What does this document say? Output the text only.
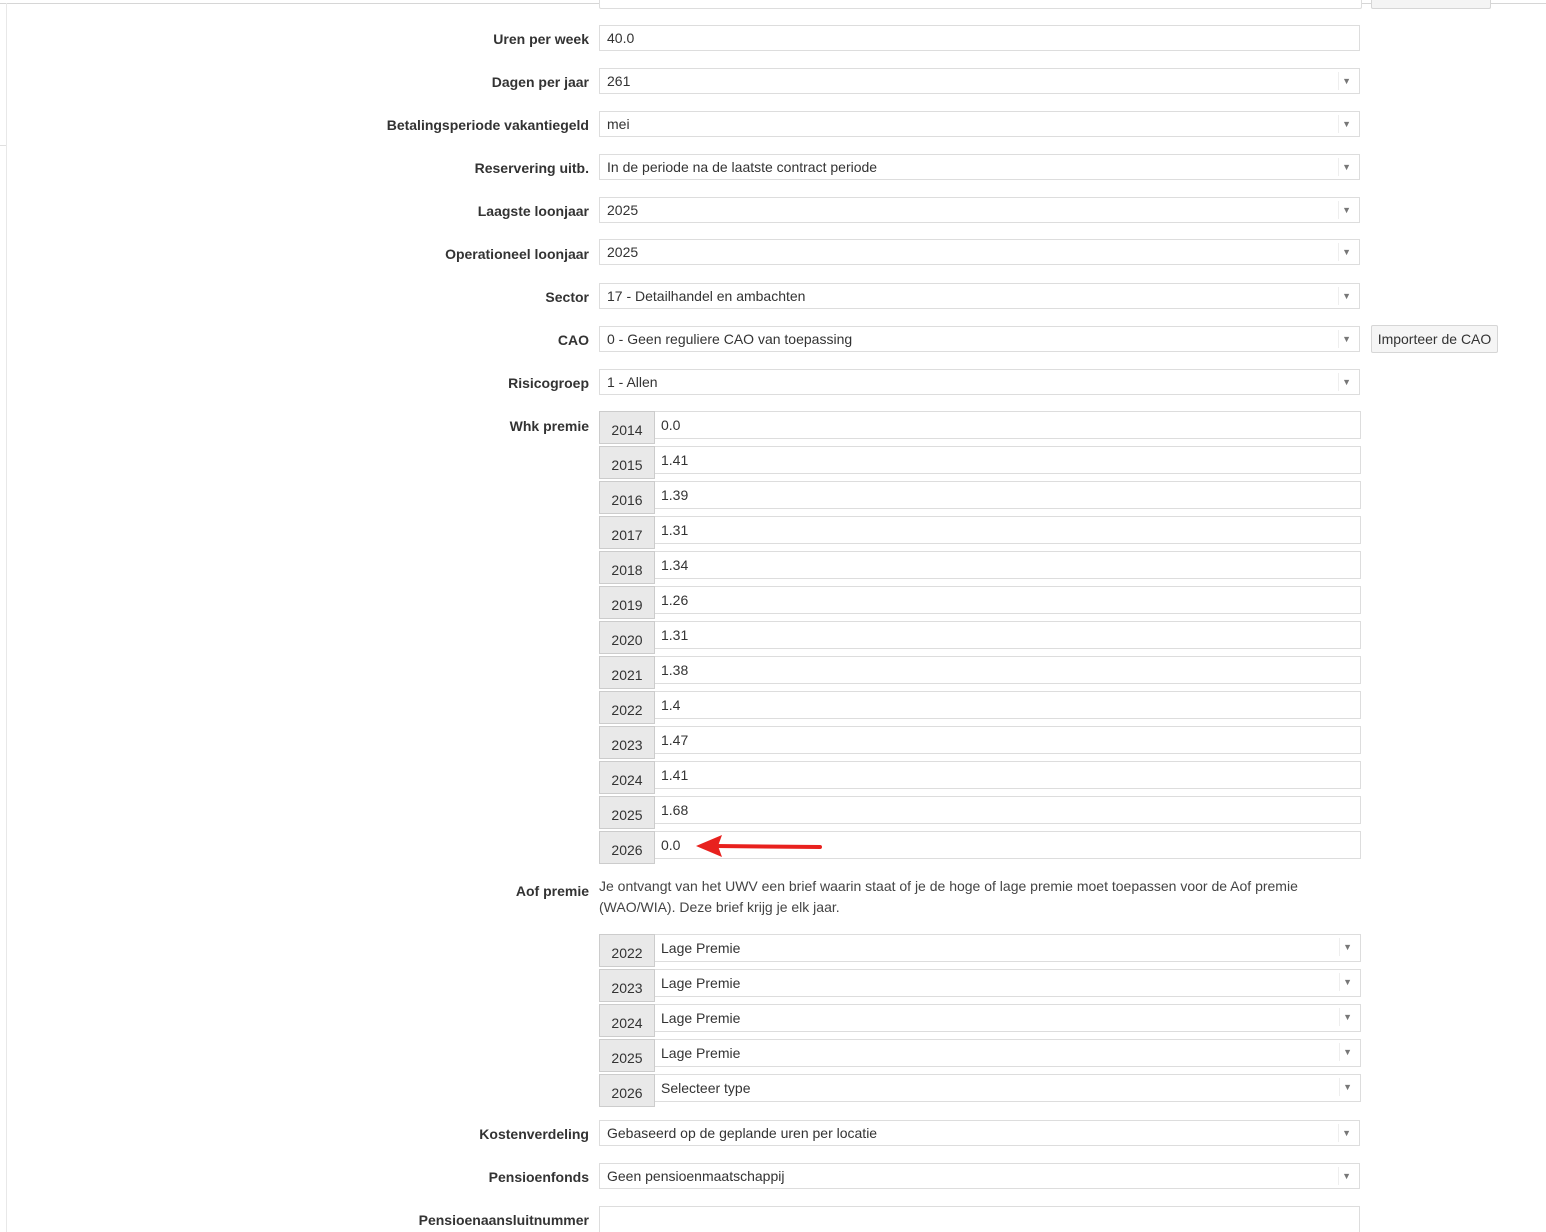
Uren per week	40.0
Dagen per jaar	261	▼
Betalingsperiode vakantiegeld	mei	▼
Reservering uitb.	In de periode na de laatste contract periode	▼
Laagste loonjaar	2025	▼
Operationeel loonjaar	2025	▼
Sector	17 - Detailhandel en ambachten	▼
CAO	0 - Geen reguliere CAO van toepassing	▼	Importeer de CAO
Risicogroep	1 - Allen	▼
Whk premie	2014	0.0
2015	1.41
2016	1.39
2017	1.31
2018	1.34
2019	1.26
2020	1.31
2021	1.38
2022	1.4
2023	1.47
2024	1.41
2025	1.68
2026	0.0
Aof premie Je ontvangt van het UWV een brief waarin staat of je de hoge of lage premie moet toepassen voor de Aof premie (WAO/WIA). Deze brief krijg je elk jaar.
2022	Lage Premie	▼
2023	Lage Premie	▼
2024	Lage Premie	▼
2025	Lage Premie	▼
2026	Selecteer type	▼
Kostenverdeling	Gebaseerd op de geplande uren per locatie	▼
Pensioenfonds	Geen pensioenmaatschappij	▼
Pensioenaansluitnummer
